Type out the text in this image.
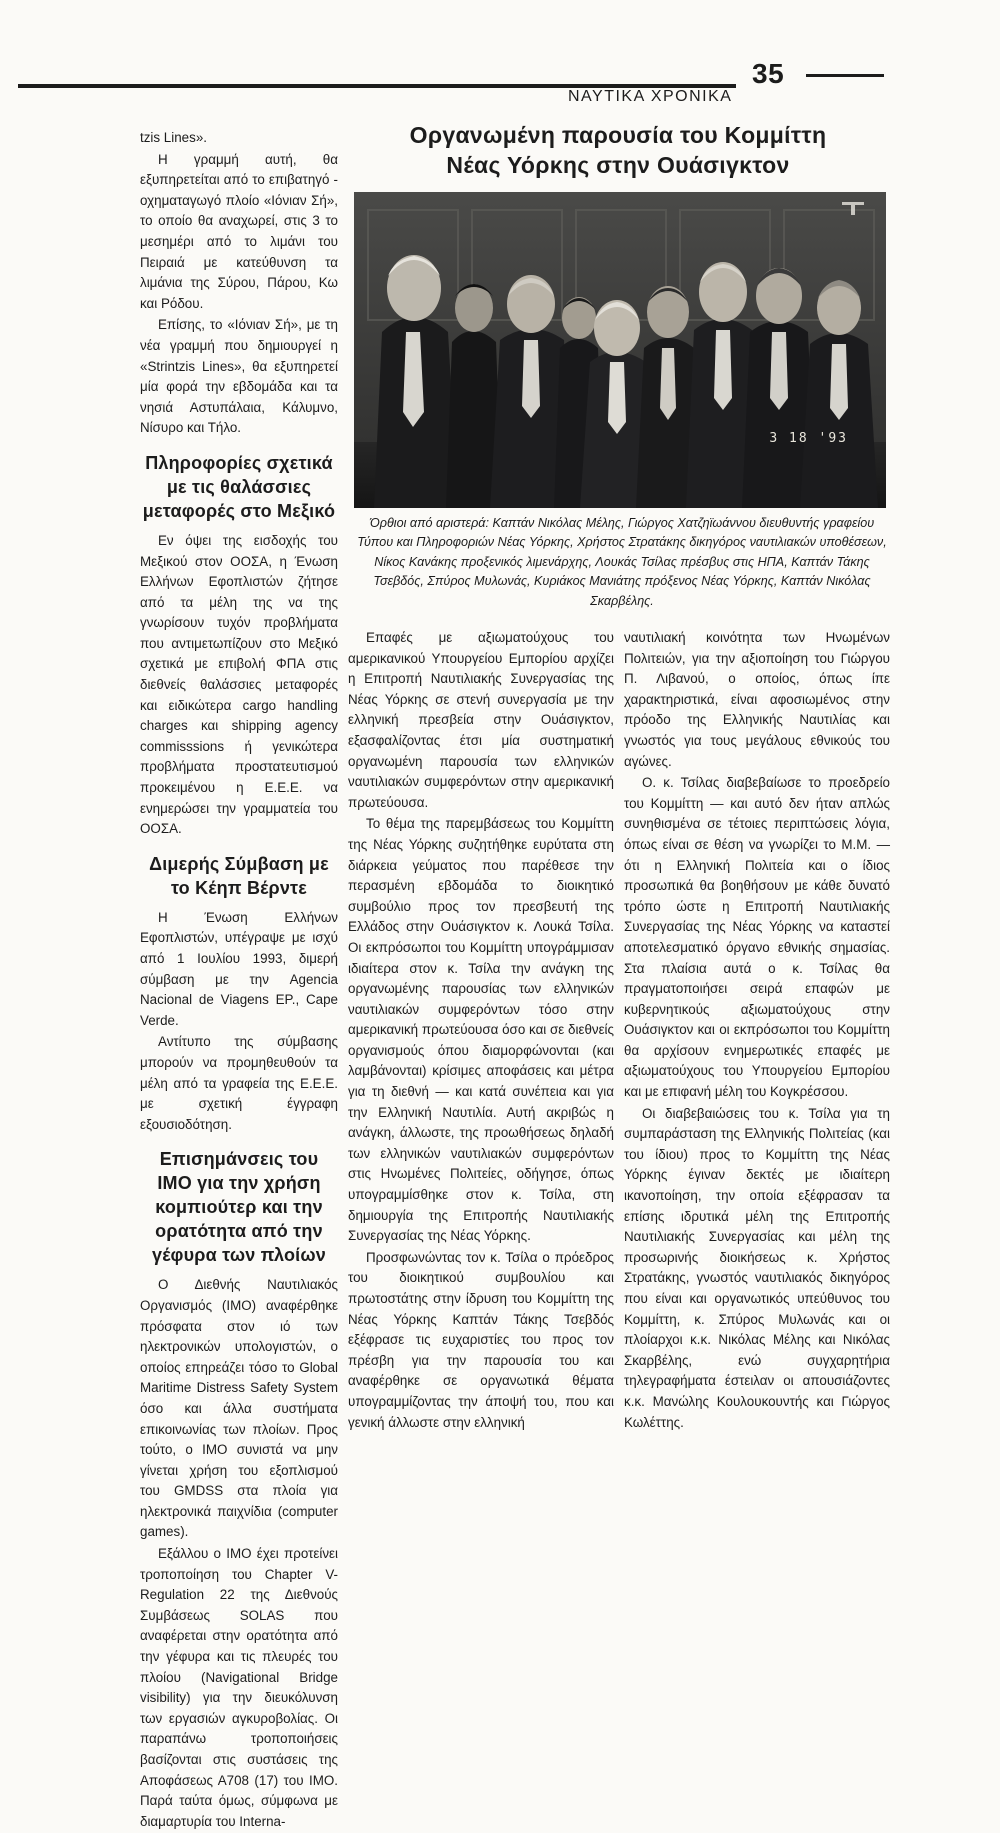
35
ΝΑΥΤΙΚΑ ΧΡΟΝΙΚΑ

tzis Lines».

Η γραμμή αυτή, θα εξυπηρετείται από το επιβατηγό - οχηματαγωγό πλοίο «Ιόνιαν Σή», το οποίο θα αναχωρεί, στις 3 το μεσημέρι από το λιμάνι του Πειραιά με κατεύθυνση τα λιμάνια της Σύρου, Πάρου, Κω και Ρόδου.

Επίσης, το «Ιόνιαν Σή», με τη νέα γραμμή που δημιουργεί η «Strintzis Lines», θα εξυπηρετεί μία φορά την εβδομάδα και τα νησιά Αστυπάλαια, Κάλυμνο, Νίσυρο και Τήλο.

Πληροφορίες σχετικά με τις θαλάσσιες μεταφορές στο Μεξικό

Εν όψει της εισδοχής του Μεξικού στον ΟΟΣΑ, η Ένωση Ελλήνων Εφοπλιστών ζήτησε από τα μέλη της να της γνωρίσουν τυχόν προβλήματα που αντιμετωπίζουν στο Μεξικό σχετικά με επιβολή ΦΠΑ στις διεθνείς θαλάσσιες μεταφορές και ειδικώτερα cargo handling charges και shipping agency commisssions ή γενικώτερα προβλήματα προστατευτισμού προκειμένου η Ε.Ε.Ε. να ενημερώσει την γραμματεία του ΟΟΣΑ.

Διμερής Σύμβαση με το Κέηπ Βέρντε

Η Ένωση Ελλήνων Εφοπλιστών, υπέγραψε με ισχύ από 1 Ιουλίου 1993, διμερή σύμβαση με την Agencia Nacional de Viagens EP., Cape Verde.

Αντίτυπο της σύμβασης μπορούν να προμηθευθούν τα μέλη από τα γραφεία της Ε.Ε.Ε. με σχετική έγγραφη εξουσιοδότηση.

Επισημάνσεις του ΙΜΟ για την χρήση κομπιούτερ και την ορατότητα από την γέφυρα των πλοίων

Ο Διεθνής Ναυτιλιακός Οργανισμός (ΙΜΟ) αναφέρθηκε πρόσφατα στον ιό των ηλεκτρονικών υπολογιστών, ο οποίος επηρεάζει τόσο το Global Maritime Distress Safety System όσο και άλλα συστήματα επικοινωνίας των πλοίων. Προς τούτο, ο ΙΜΟ συνιστά να μην γίνεται χρήση του εξοπλισμού του GMDSS στα πλοία για ηλεκτρονικά παιχνίδια (computer games).

Εξάλλου ο ΙΜΟ έχει προτείνει τροποποίηση του Chapter V-Regulation 22 της Διεθνούς Συμβάσεως SOLAS που αναφέρεται στην ορατότητα από την γέφυρα και τις πλευρές του πλοίου (Navigational Bridge visibility) για την διευκόλυνση των εργασιών αγκυροβολίας. Οι παραπάνω τροποποιήσεις βασίζονται στις συστάσεις της Αποφάσεως Α708 (17) του ΙΜΟ. Παρά ταύτα όμως, σύμφωνα με διαμαρτυρία του Interna-

Οργανωμένη παρουσία του Κομμίττη
Νέας Υόρκης στην Ουάσιγκτον
3 18 '93
Όρθιοι από αριστερά: Καπτάν Νικόλας Μέλης, Γιώργος Χατζηϊωάννου διευθυντής γραφείου Τύπου και Πληροφοριών Νέας Υόρκης, Χρήστος Στρατάκης δικηγόρος ναυτιλιακών υποθέσεων, Νίκος Κανάκης προξενικός λιμενάρχης, Λουκάς Τσίλας πρέσβυς στις ΗΠΑ, Καπτάν Τάκης Τσεβδός, Σπύρος Μυλωνάς, Κυριάκος Μανιάτης πρόξενος Νέας Υόρκης, Καπτάν Νικόλας Σκαρβέλης.

Επαφές με αξιωματούχους του αμερικανικού Υπουργείου Εμπορίου αρχίζει η Επιτροπή Ναυτιλιακής Συνεργασίας της Νέας Υόρκης σε στενή συνεργασία με την ελληνική πρεσβεία στην Ουάσιγκτον, εξασφαλίζοντας έτσι μία συστηματική οργανωμένη παρουσία των ελληνικών ναυτιλιακών συμφερόντων στην αμερικανική πρωτεύουσα.

Το θέμα της παρεμβάσεως του Κομμίττη της Νέας Υόρκης συζητήθηκε ευρύτατα στη διάρκεια γεύματος που παρέθεσε την περασμένη εβδομάδα το διοικητικό συμβούλιο προς τον πρεσβευτή της Ελλάδος στην Ουάσιγκτον κ. Λουκά Τσίλα. Οι εκπρόσωποι του Κομμίττη υπογράμμισαν ιδιαίτερα στον κ. Τσίλα την ανάγκη της οργανωμένης παρουσίας των ελληνικών ναυτιλιακών συμφερόντων τόσο στην αμερικανική πρωτεύουσα όσο και σε διεθνείς οργανισμούς όπου διαμορφώνονται (και λαμβάνονται) κρίσιμες αποφάσεις και μέτρα για τη διεθνή — και κατά συνέπεια και για την Ελληνική Ναυτιλία. Αυτή ακριβώς η ανάγκη, άλλωστε, της προωθήσεως δηλαδή των ελληνικών ναυτιλιακών συμφερόντων στις Ηνωμένες Πολιτείες, οδήγησε, όπως υπογραμμίσθηκε στον κ. Τσίλα, στη δημιουργία της Επιτροπής Ναυτιλιακής Συνεργασίας της Νέας Υόρκης.

Προσφωνώντας τον κ. Τσίλα ο πρόεδρος του διοικητικού συμβουλίου και πρωτοστάτης στην ίδρυση του Κομμίττη της Νέας Υόρκης Καπτάν Τάκης Τσεβδός εξέφρασε τις ευχαριστίες του προς τον πρέσβη για την παρουσία του και αναφέρθηκε σε οργανωτικά θέματα υπογραμμίζοντας την άποψή του, που και γενική άλλωστε στην ελληνική

ναυτιλιακή κοινότητα των Ηνωμένων Πολιτειών, για την αξιοποίηση του Γιώργου Π. Λιβανού, ο οποίος, όπως ίπε χαρακτηριστικά, είναι αφοσιωμένος στην πρόοδο της Ελληνικής Ναυτιλίας και γνωστός για τους μεγάλους εθνικούς του αγώνες.

Ο. κ. Τσίλας διαβεβαίωσε το προεδρείο του Κομμίττη — και αυτό δεν ήταν απλώς συνηθισμένα σε τέτοιες περιπτώσεις λόγια, όπως είναι σε θέση να γνωρίζει το Μ.Μ. — ότι η Ελληνική Πολιτεία και ο ίδιος προσωπικά θα βοηθήσουν με κάθε δυνατό τρόπο ώστε η Επιτροπή Ναυτιλιακής Συνεργασίας της Νέας Υόρκης να καταστεί αποτελεσματικό όργανο εθνικής σημασίας. Στα πλαίσια αυτά ο κ. Τσίλας θα πραγματοποιήσει σειρά επαφών με κυβερνητικούς αξιωματούχους στην Ουάσιγκτον και οι εκπρόσωποι του Κομμίττη θα αρχίσουν ενημερωτικές επαφές με αξιωματούχους του Υπουργείου Εμπορίου και με επιφανή μέλη του Κογκρέσσου.

Οι διαβεβαιώσεις του κ. Τσίλα για τη συμπαράσταση της Ελληνικής Πολιτείας (και του ίδιου) προς το Κομμίττη της Νέας Υόρκης έγιναν δεκτές με ιδιαίτερη ικανοποίηση, την οποία εξέφρασαν τα επίσης ιδρυτικά μέλη της Επιτροπής Ναυτιλιακής Συνεργασίας και μέλη της προσωρινής διοικήσεως κ. Χρήστος Στρατάκης, γνωστός ναυτιλιακός δικηγόρος που είναι και οργανωτικός υπεύθυνος του Κομμίττη, κ. Σπύρος Μυλωνάς και οι πλοίαρχοι κ.κ. Νικόλας Μέλης και Νικόλας Σκαρβέλης, ενώ συγχαρητήρια τηλεγραφήματα έστειλαν οι απουσιάζοντες κ.κ. Μανώλης Κουλουκουντής και Γιώργος Κωλέττης.
